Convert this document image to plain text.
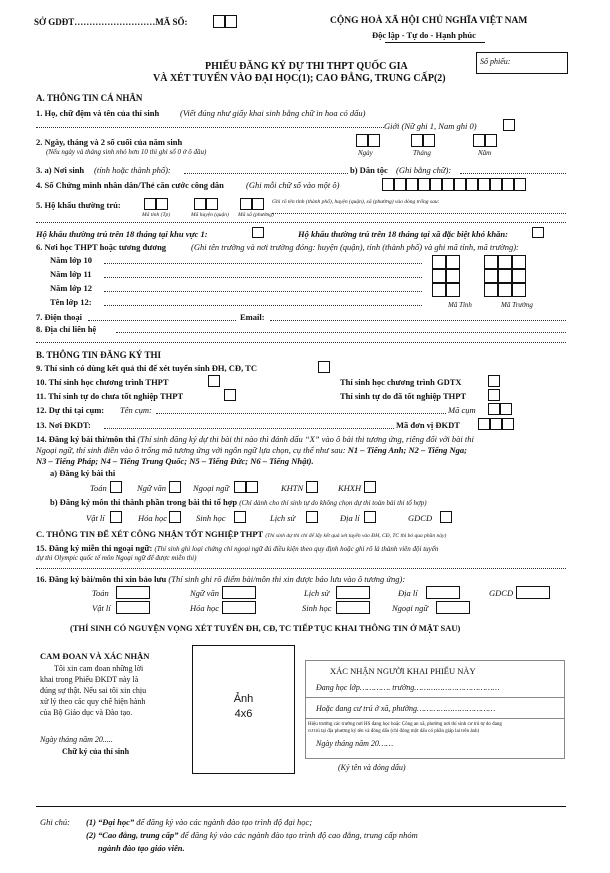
SỞ GDĐT………………………MÃ SỐ:	CỘNG HOÀ XÃ HỘI CHỦ NGHĨA VIỆT NAM
Độc lập - Tự do - Hạnh phúc
Số phiếu:
PHIẾU ĐĂNG KÝ DỰ THI THPT QUỐC GIA
VÀ XÉT TUYỂN VÀO ĐẠI HỌC(1); CAO ĐẲNG, TRUNG CẤP(2)
A. THÔNG TIN CÁ NHÂN
1. Họ, chữ đệm và tên của thí sinh (Viết đúng như giấy khai sinh bằng chữ in hoa có dấu)
Giới (Nữ ghi 1, Nam ghi 0)
2. Ngày, tháng và 2 số cuối của năm sinh
(Nếu ngày và tháng sinh nhỏ hơn 10 thì ghi số 0 ở ô đầu)	Ngày	Tháng	Năm
3. a) Nơi sinh (tỉnh hoặc thành phố):	b) Dân tộc (Ghi bằng chữ):
4. Số Chứng minh nhân dân/Thẻ căn cước công dân	(Ghi mỗi chữ số vào một ô)
5. Hộ khẩu thường trú:	Ghi rõ tên tỉnh (thành phố), huyện (quận), xã (phường) vào dòng trống sau:
Mã tỉnh (Tp)	Mã huyện (quận) Mã xã (phường)
Hộ khẩu thường trú trên 18 tháng tại khu vực 1:	Hộ khẩu thường trú trên 18 tháng tại xã đặc biệt khó khăn:
6. Nơi học THPT hoặc tương đương	(Ghi tên trường và nơi trường đóng: huyện (quận), tỉnh (thành phố) và ghi mã tỉnh, mã trường):
Năm lớp 10
Năm lớp 11
Năm lớp 12
Tên lớp 12:	Mã Tỉnh	Mã Trường
7. Điện thoại	Email:
8. Địa chỉ liên hệ
B. THÔNG TIN ĐĂNG KÝ THI
9. Thí sinh có dùng kết quả thi để xét tuyển sinh ĐH, CĐ, TC
10. Thí sinh học chương trình THPT	Thí sinh học chương trình GDTX
11. Thí sinh tự do chưa tốt nghiệp THPT	Thí sinh tự do đã tốt nghiệp THPT
12. Dự thi tại cụm: Tên cụm:	Mã cụm
13. Nơi ĐKDT:	Mã đơn vị ĐKDT
14. Đăng ký bài thi/môn thi (Thí sinh đăng ký dự thi bài thi nào thì đánh dấu “X” vào ô bài thi tương ứng, riêng đối với bài thi
Ngoại ngữ, thí sinh điền vào ô trống mã tương ứng với ngôn ngữ lựa chọn, cụ thể như sau: N1 – Tiếng Anh; N2 – Tiếng Nga;
N3 – Tiếng Pháp; N4 – Tiếng Trung Quốc; N5 – Tiếng Đức; N6 – Tiếng Nhật).
a) Đăng ký bài thi
Toán	Ngữ văn	Ngoại ngữ	KHTN	KHXH
b) Đăng ký môn thi thành phần trong bài thi tổ hợp (Chỉ dành cho thí sinh tự do không chọn dự thi toàn bài thi tổ hợp)
Vật lí	Hóa học	Sinh học	Lịch sử	Địa lí	GDCD
C. THÔNG TIN ĐỂ XÉT CÔNG NHẬN TỐT NGHIỆP THPT (Thí sinh dự thi chỉ để lấy kết quả xét tuyển vào ĐH, CĐ, TC thì bỏ qua phần này)
15. Đăng ký miễn thi ngoại ngữ: (Thí sinh ghi loại chứng chỉ ngoại ngữ đủ điều kiện theo quy định hoặc ghi rõ là thành viên đội tuyển
dự thi Olympic quốc tế môn Ngoại ngữ để được miễn thi)
16. Đăng ký bài/môn thi xin bảo lưu (Thí sinh ghi rõ điểm bài/môn thi xin được bảo lưu vào ô tương ứng):
Toán	Ngữ văn	Lịch sử	Địa lí	GDCD
Vật lí	Hóa học	Sinh học	Ngoại ngữ
(THÍ SINH CÓ NGUYỆN VỌNG XÉT TUYỂN ĐH, CĐ, TC TIẾP TỤC KHAI THÔNG TIN Ở MẶT SAU)
CAM ĐOAN VÀ XÁC NHẬN
Tôi xin cam đoan những lời
khai trong Phiếu ĐKDT này là
đúng sự thật. Nếu sai tôi xin chịu
xử lý theo các quy chế hiện hành
của Bộ Giáo dục và Đào tạo.
Ngày tháng năm 20.....
Chữ ký của thí sinh
Ảnh
4x6
XÁC NHẬN NGƯỜI KHAI PHIẾU NÀY
Đang học lớp…………. trường………………………………
Hoặc đang cư trú ở xã, phường……………………………
Hiệu trưởng các trường nơi HS đang học hoặc Công an xã, phường nơi thí sinh cư trú tự do đang
cư trú tại địa phương ký tên và đóng dấu (chỉ đóng một dấu có phần giáp lai trên ảnh)
Ngày tháng năm 20……
(Ký tên và đóng dấu)
Ghi chú: (1) “Đại học” để đăng ký vào các ngành đào tạo trình độ đại học;
(2) “Cao đẳng, trung cấp” để đăng ký vào các ngành đào tạo trình độ cao đẳng, trung cấp nhóm
ngành đào tạo giáo viên.
